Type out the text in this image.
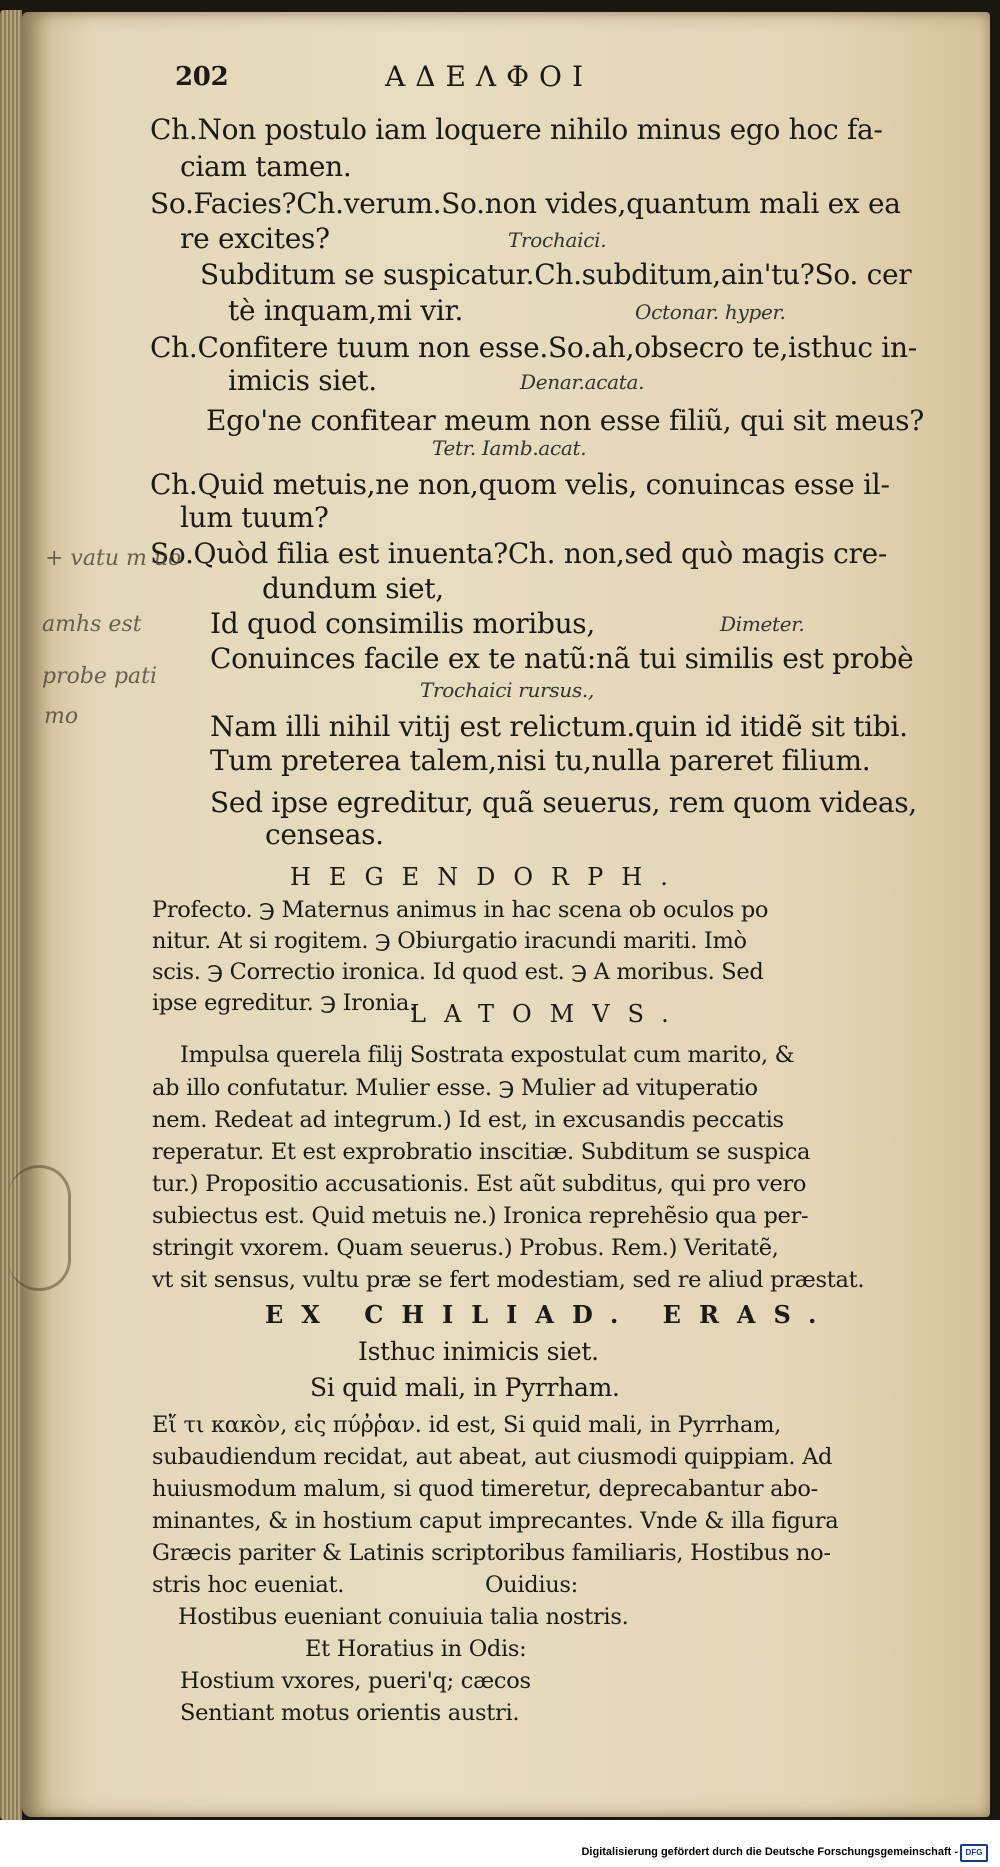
202	ΑΔΕΛΦΟΙ
Ch.Non postulo iam loquere nihilo minus ego hoc fa-
ciam tamen.
So.Facies?Ch.verum.So.non vides,quantum mali ex ea
re excites?	Trochaici.
Subditum se suspicatur.Ch.subditum,ain'tu?So. cer
tè inquam,mi vir.	Octonar. hyper.
Ch.Confitere tuum non esse.So.ah,obsecro te,isthuc in-
imicis siet.	Denar.acata.
Ego'ne confitear meum non esse filiũ, qui sit meus?
Tetr. Iamb.acat.
Ch.Quid metuis,ne non,quom velis, conuincas esse il-
lum tuum?
So.Quòd filia est inuenta?Ch. non,sed quò magis cre-
dundum siet,
Id quod consimilis moribus,	Dimeter.
Conuinces facile ex te natũ:nã tui similis est probè
Trochaici rursus.,
Nam illi nihil vitij est relictum.quin id itidẽ sit tibi.
Tum preterea talem,nisi tu,nulla pareret filium.
Sed ipse egreditur, quã seuerus, rem quom videas,
censeas.
+ vatu m uo
amhs est
probe pati
mo
HEGENDORPH.
Profecto. ℈ Maternus animus in hac scena ob oculos po
nitur. At si rogitem. ℈ Obiurgatio iracundi mariti. Imò
scis. ℈ Correctio ironica. Id quod est. ℈ A moribus. Sed
ipse egreditur. ℈ Ironia.
LATOMVS.
Impulsa querela filij Sostrata expostulat cum marito, &
ab illo confutatur. Mulier esse. ℈ Mulier ad vituperatio
nem. Redeat ad integrum.) Id est, in excusandis peccatis
reperatur. Et est exprobratio inscitiæ. Subditum se suspica
tur.) Propositio accusationis. Est aũt subditus, qui pro vero
subiectus est. Quid metuis ne.) Ironica reprehẽsio qua per-
stringit vxorem. Quam seuerus.) Probus. Rem.) Veritatẽ,
vt sit sensus, vultu præ se fert modestiam, sed re aliud præstat.
EX CHILIAD. ERAS.
Isthuc inimicis siet.
Si quid mali, in Pyrrham.
Εἴ τι κακὸν, εἰς πύῤῥαν. id est, Si quid mali, in Pyrrham,
subaudiendum recidat, aut abeat, aut ciusmodi quippiam. Ad
huiusmodum malum, si quod timeretur, deprecabantur abo-
minantes, & in hostium caput imprecantes. Vnde & illa figura
Græcis pariter & Latinis scriptoribus familiaris, Hostibus no-
stris hoc eueniat.	Ouidius:
Hostibus eueniant conuiuia talia nostris.
Et Horatius in Odis:
Hostium vxores, pueri'q; cæcos
Sentiant motus orientis austri.
Digitalisierung gefördert durch die Deutsche Forschungsgemeinschaft - DFG
